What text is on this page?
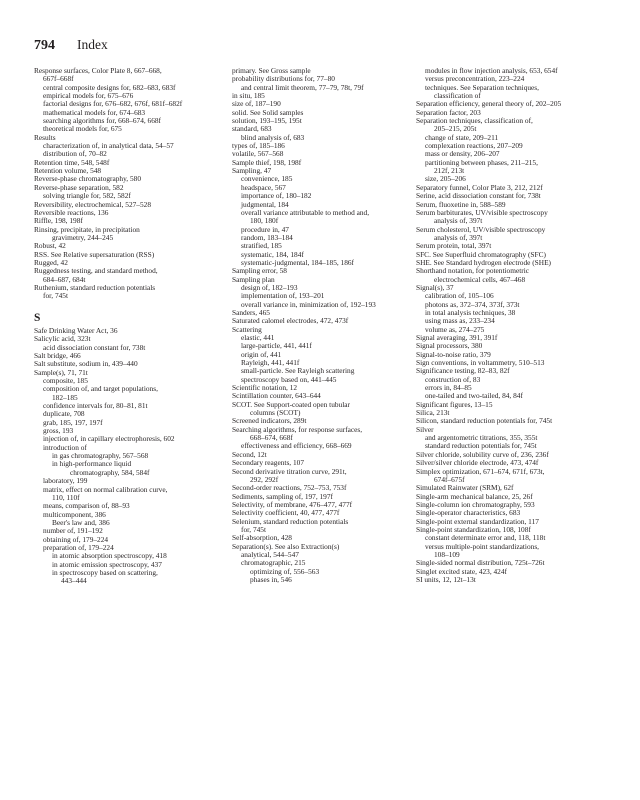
794 Index
Response surfaces, Color Plate 8, 667–668,
667f–668f
central composite designs for, 682–683, 683f
empirical models for, 675–676
factorial designs for, 676–682, 676f, 681f–682f
mathematical models for, 674–683
searching algorithms for, 668–674, 668f
theoretical models for, 675
Results
characterization of, in analytical data, 54–57
distribution of, 70–82
Retention time, 548, 548f
Retention volume, 548
Reverse-phase chromatography, 580
Reverse-phase separation, 582
solving triangle for, 582, 582f
Reversibility, electrochemical, 527–528
Reversible reactions, 136
Riffle, 198, 198f
Rinsing, precipitate, in precipitation
gravimetry, 244–245
Robust, 42
RSS. See Relative supersaturation (RSS)
Rugged, 42
Ruggedness testing, and standard method,
684–687, 684t
Ruthenium, standard reduction potentials
for, 745t
S
Safe Drinking Water Act, 36
Salicylic acid, 323t
acid dissociation constant for, 738t
Salt bridge, 466
Salt substitute, sodium in, 439–440
Sample(s), 71, 71t
composite, 185
composition of, and target populations,
182–185
confidence intervals for, 80–81, 81t
duplicate, 708
grab, 185, 197, 197f
gross, 193
injection of, in capillary electrophoresis, 602
introduction of
in gas chromatography, 567–568
in high-performance liquid
chromatography, 584, 584f
laboratory, 199
matrix, effect on normal calibration curve,
110, 110f
means, comparison of, 88–93
multicomponent, 386
Beer's law and, 386
number of, 191–192
obtaining of, 179–224
preparation of, 179–224
in atomic absorption spectroscopy, 418
in atomic emission spectroscopy, 437
in spectroscopy based on scattering,
443–444
primary. See Gross sample
probability distributions for, 77–80
and central limit theorem, 77–79, 78t, 79f
in situ, 185
size of, 187–190
solid. See Solid samples
solution, 193–195, 195t
standard, 683
blind analysis of, 683
types of, 185–186
volatile, 567–568
Sample thief, 198, 198f
Sampling, 47
convenience, 185
headspace, 567
importance of, 180–182
judgmental, 184
overall variance attributable to method and,
180, 180f
procedure in, 47
random, 183–184
stratified, 185
systematic, 184, 184f
systematic-judgmental, 184–185, 186f
Sampling error, 58
Sampling plan
design of, 182–193
implementation of, 193–201
overall variance in, minimization of, 192–193
Sanders, 465
Saturated calomel electrodes, 472, 473f
Scattering
elastic, 441
large-particle, 441, 441f
origin of, 441
Rayleigh, 441, 441f
small-particle. See Rayleigh scattering
spectroscopy based on, 441–445
Scientific notation, 12
Scintillation counter, 643–644
SCOT. See Support-coated open tubular
columns (SCOT)
Screened indicators, 289t
Searching algorithms, for response surfaces,
668–674, 668f
effectiveness and efficiency, 668–669
Second, 12t
Secondary reagents, 107
Second derivative titration curve, 291t,
292, 292f
Second-order reactions, 752–753, 753f
Sediments, sampling of, 197, 197f
Selectivity, of membrane, 476–477, 477f
Selectivity coefficient, 40, 477, 477f
Selenium, standard reduction potentials
for, 745t
Self-absorption, 428
Separation(s). See also Extraction(s)
analytical, 544–547
chromatographic, 215
optimizing of, 556–563
phases in, 546
modules in flow injection analysis, 653, 654f
versus preconcentration, 223–224
techniques. See Separation techniques,
classification of
Separation efficiency, general theory of, 202–205
Separation factor, 203
Separation techniques, classification of,
205–215, 205t
change of state, 209–211
complexation reactions, 207–209
mass or density, 206–207
partitioning between phases, 211–215,
212f, 213t
size, 205–206
Separatory funnel, Color Plate 3, 212, 212f
Serine, acid dissociation constant for, 738t
Serum, fluoxetine in, 588–589
Serum barbiturates, UV/visible spectroscopy
analysis of, 397t
Serum cholesterol, UV/visible spectroscopy
analysis of, 397t
Serum protein, total, 397t
SFC. See Superfluid chromatography (SFC)
SHE. See Standard hydrogen electrode (SHE)
Shorthand notation, for potentiometric
electrochemical cells, 467–468
Signal(s), 37
calibration of, 105–106
photons as, 372–374, 373f, 373t
in total analysis techniques, 38
using mass as, 233–234
volume as, 274–275
Signal averaging, 391, 391f
Signal processors, 380
Signal-to-noise ratio, 379
Sign conventions, in voltammetry, 510–513
Significance testing, 82–83, 82f
construction of, 83
errors in, 84–85
one-tailed and two-tailed, 84, 84f
Significant figures, 13–15
Silica, 213t
Silicon, standard reduction potentials for, 745t
Silver
and argentometric titrations, 355, 355t
standard reduction potentials for, 745t
Silver chloride, solubility curve of, 236, 236f
Silver/silver chloride electrode, 473, 474f
Simplex optimization, 671–674, 671f, 673t,
674f–675f
Simulated Rainwater (SRM), 62f
Single-arm mechanical balance, 25, 26f
Single-column ion chromatography, 593
Single-operator characteristics, 683
Single-point external standardization, 117
Single-point standardization, 108, 108f
constant determinate error and, 118, 118t
versus multiple-point standardizations,
108–109
Single-sided normal distribution, 725t–726t
Singlet excited state, 423, 424f
SI units, 12, 12t–13t
